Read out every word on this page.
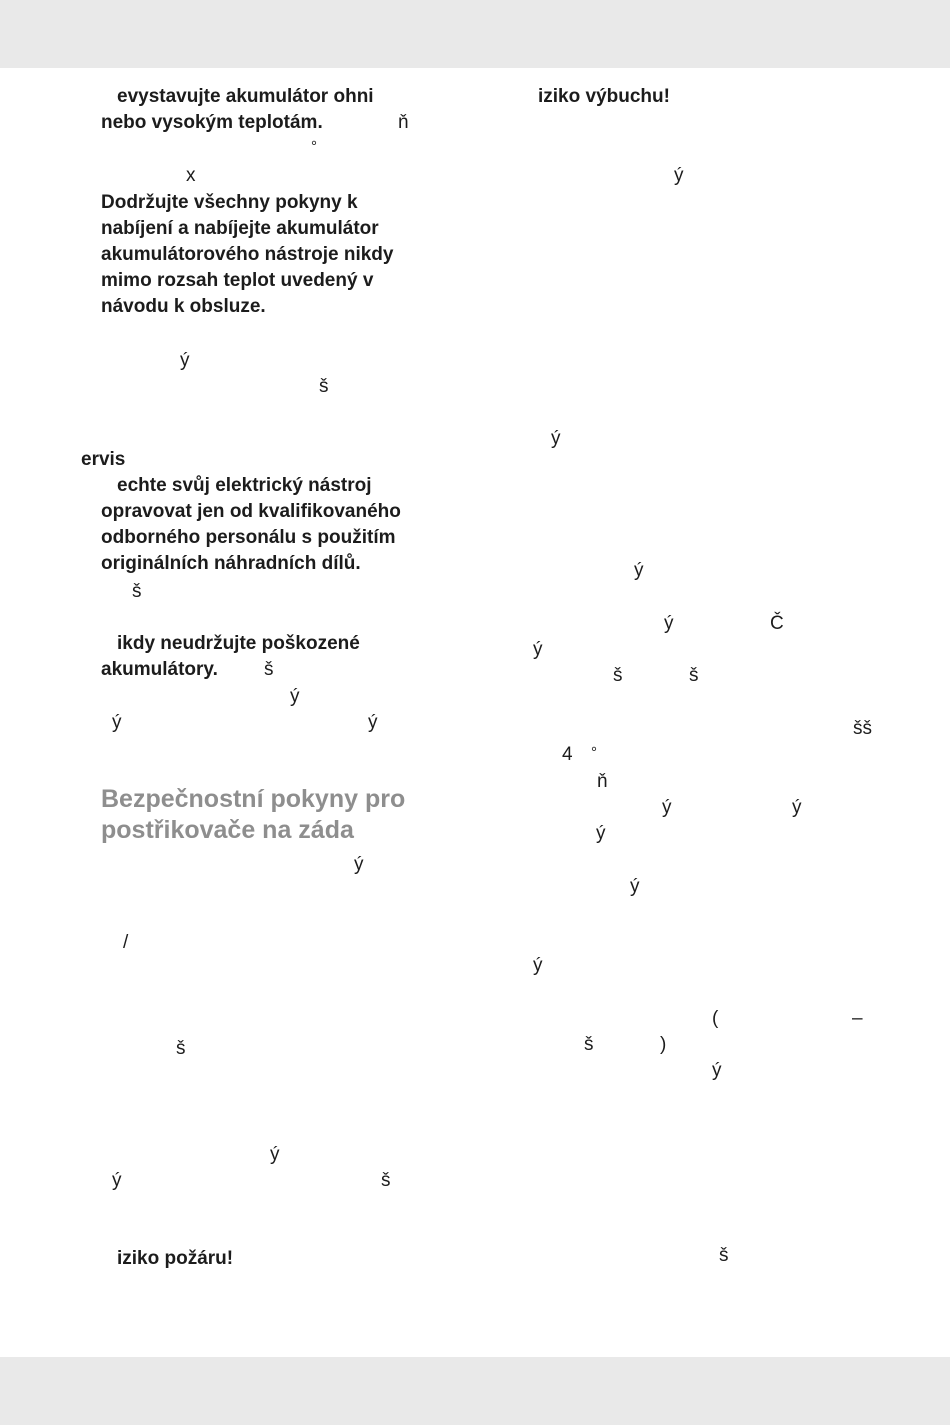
evystavujte akumulátor ohni
nebo vysokým teplotám.	ň
°
x
Dodržujte všechny pokyny k
nabíjení a nabíjejte akumulátor
akumulátorového nástroje nikdy
mimo rozsah teplot uvedený v
návodu k obsluze.
ý
š
ervis
echte svůj elektrický nástroj
opravovat jen od kvalifikovaného
odborného personálu s použitím
originálních náhradních dílů.
š
ikdy neudržujte poškozené
akumulátory. š
ý
ý	ý
Bezpečnostní pokyny pro
postřikovače na záda
ý
/
š
ý
ý	š
iziko požáru!
iziko výbuchu!
ý
ý
ý
ý	Č
ý
š	š
šš
4 °
ň
ý	ý
ý
ý
ý
(	–
š	)
ý
š
